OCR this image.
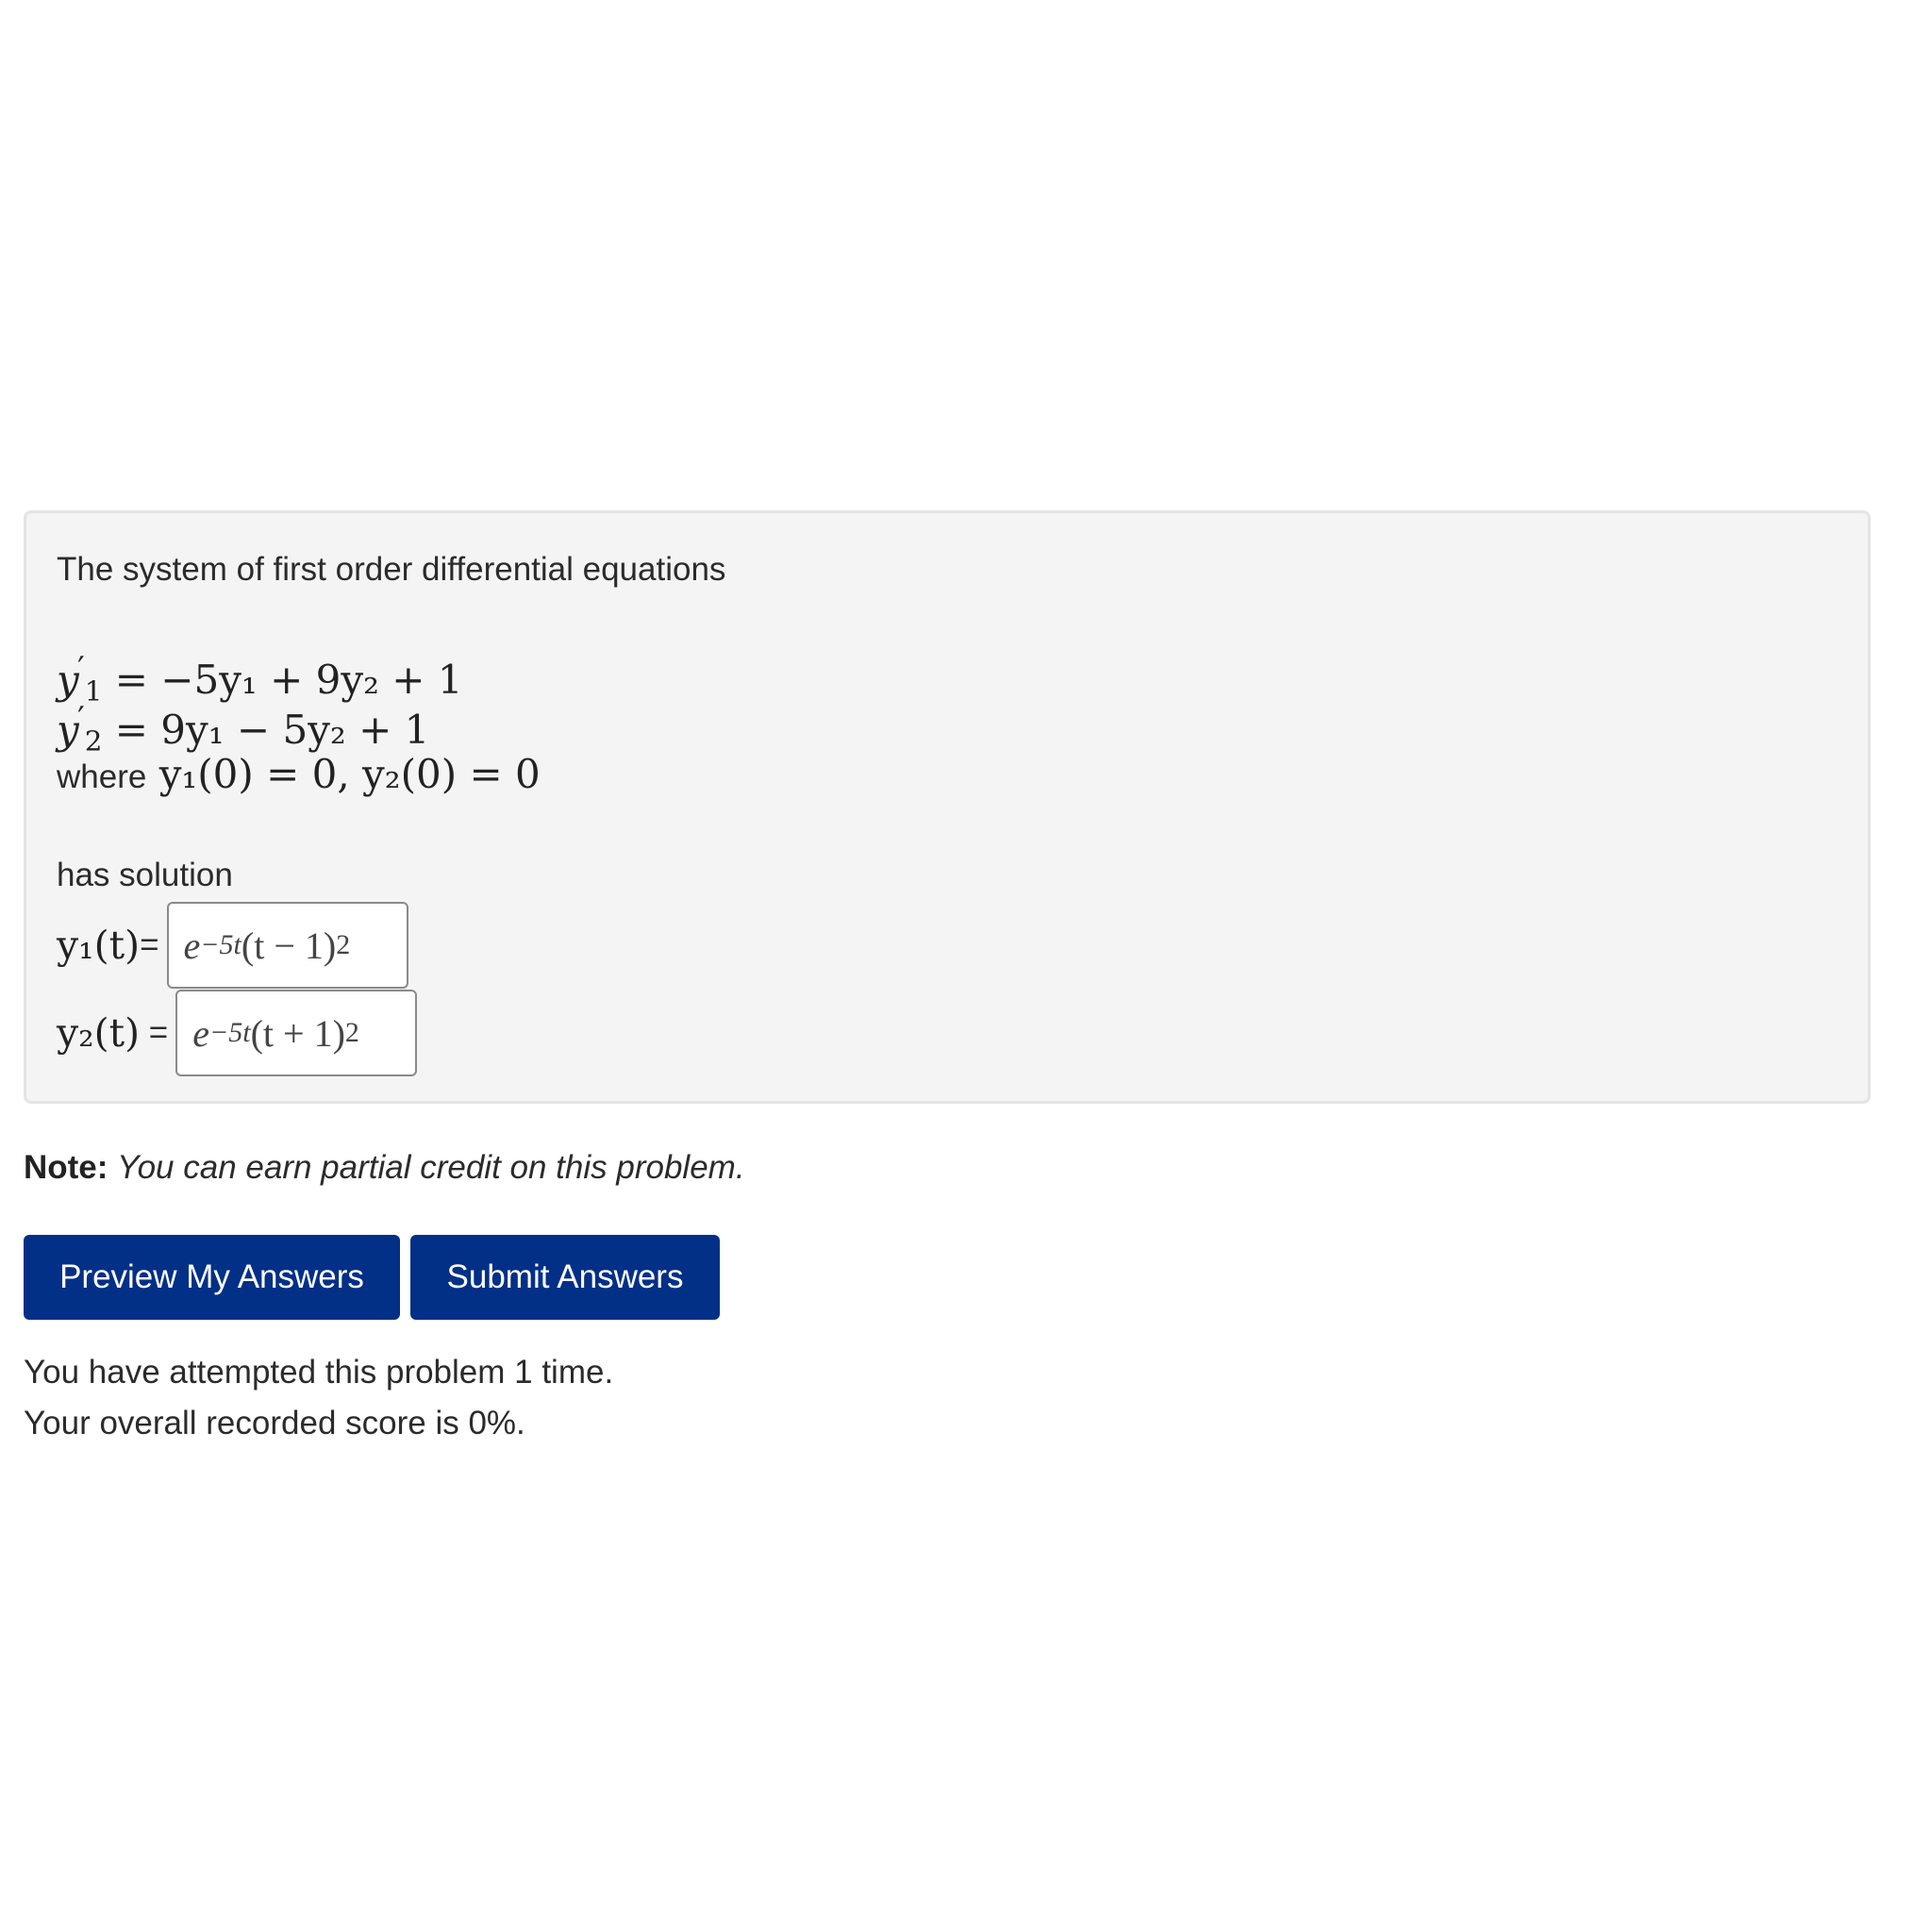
The system of first order differential equations
$y'_1 = -5y_1 + 9y_2 + 1$
$y'_2 = 9y_1 - 5y_2 + 1$
where y₁(0) = 0, y₂(0) = 0
has solution
y₁(t) = e −5t (t − 1) 2
y₂(t) = e −5t (t + 1) 2
Note: You can earn partial credit on this problem.
Preview My Answers	Submit Answers
You have attempted this problem 1 time.
Your overall recorded score is 0%.
